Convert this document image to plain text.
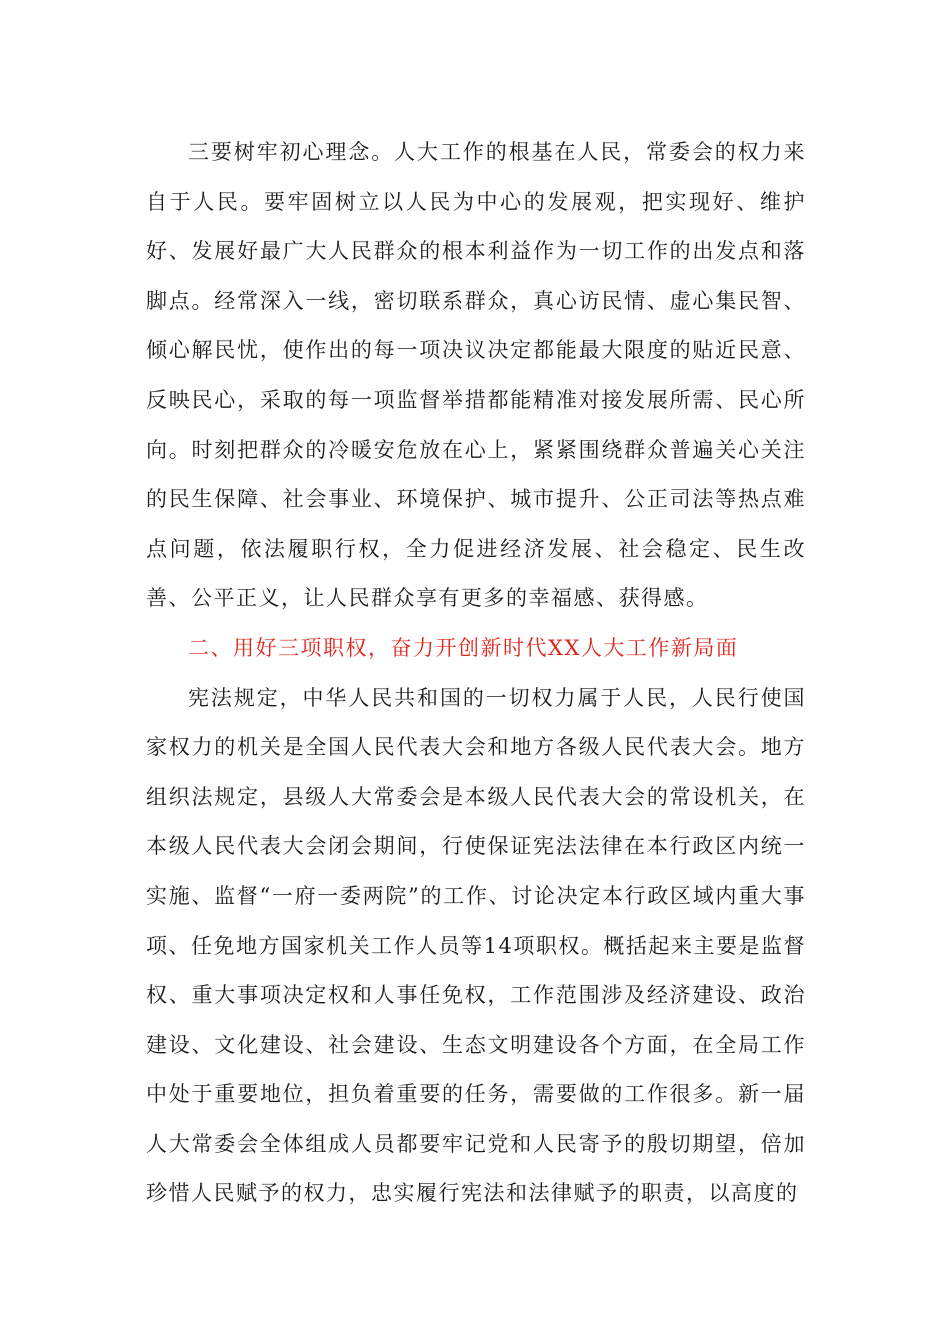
三要树牢初心理念。人大工作的根基在人民，常委会的权力来自于人民。要牢固树立以人民为中心的发展观，把实现好、维护好、发展好最广大人民群众的根本利益作为一切工作的出发点和落脚点。经常深入一线，密切联系群众，真心访民情、虚心集民智、倾心解民忧，使作出的每一项决议决定都能最大限度的贴近民意、反映民心，采取的每一项监督举措都能精准对接发展所需、民心所向。时刻把群众的冷暖安危放在心上，紧紧围绕群众普遍关心关注的民生保障、社会事业、环境保护、城市提升、公正司法等热点难点问题，依法履职行权，全力促进经济发展、社会稳定、民生改善、公平正义，让人民群众享有更多的幸福感、获得感。

二、用好三项职权，奋力开创新时代XX人大工作新局面

宪法规定，中华人民共和国的一切权力属于人民，人民行使国家权力的机关是全国人民代表大会和地方各级人民代表大会。地方组织法规定，县级人大常委会是本级人民代表大会的常设机关，在本级人民代表大会闭会期间，行使保证宪法法律在本行政区内统一实施、监督“一府一委两院”的工作、讨论决定本行政区域内重大事项、任免地方国家机关工作人员等14项职权。概括起来主要是监督权、重大事项决定权和人事任免权，工作范围涉及经济建设、政治建设、文化建设、社会建设、生态文明建设各个方面，在全局工作中处于重要地位，担负着重要的任务，需要做的工作很多。新一届人大常委会全体组成人员都要牢记党和人民寄予的殷切期望，倍加珍惜人民赋予的权力，忠实履行宪法和法律赋予的职责，以高度的
